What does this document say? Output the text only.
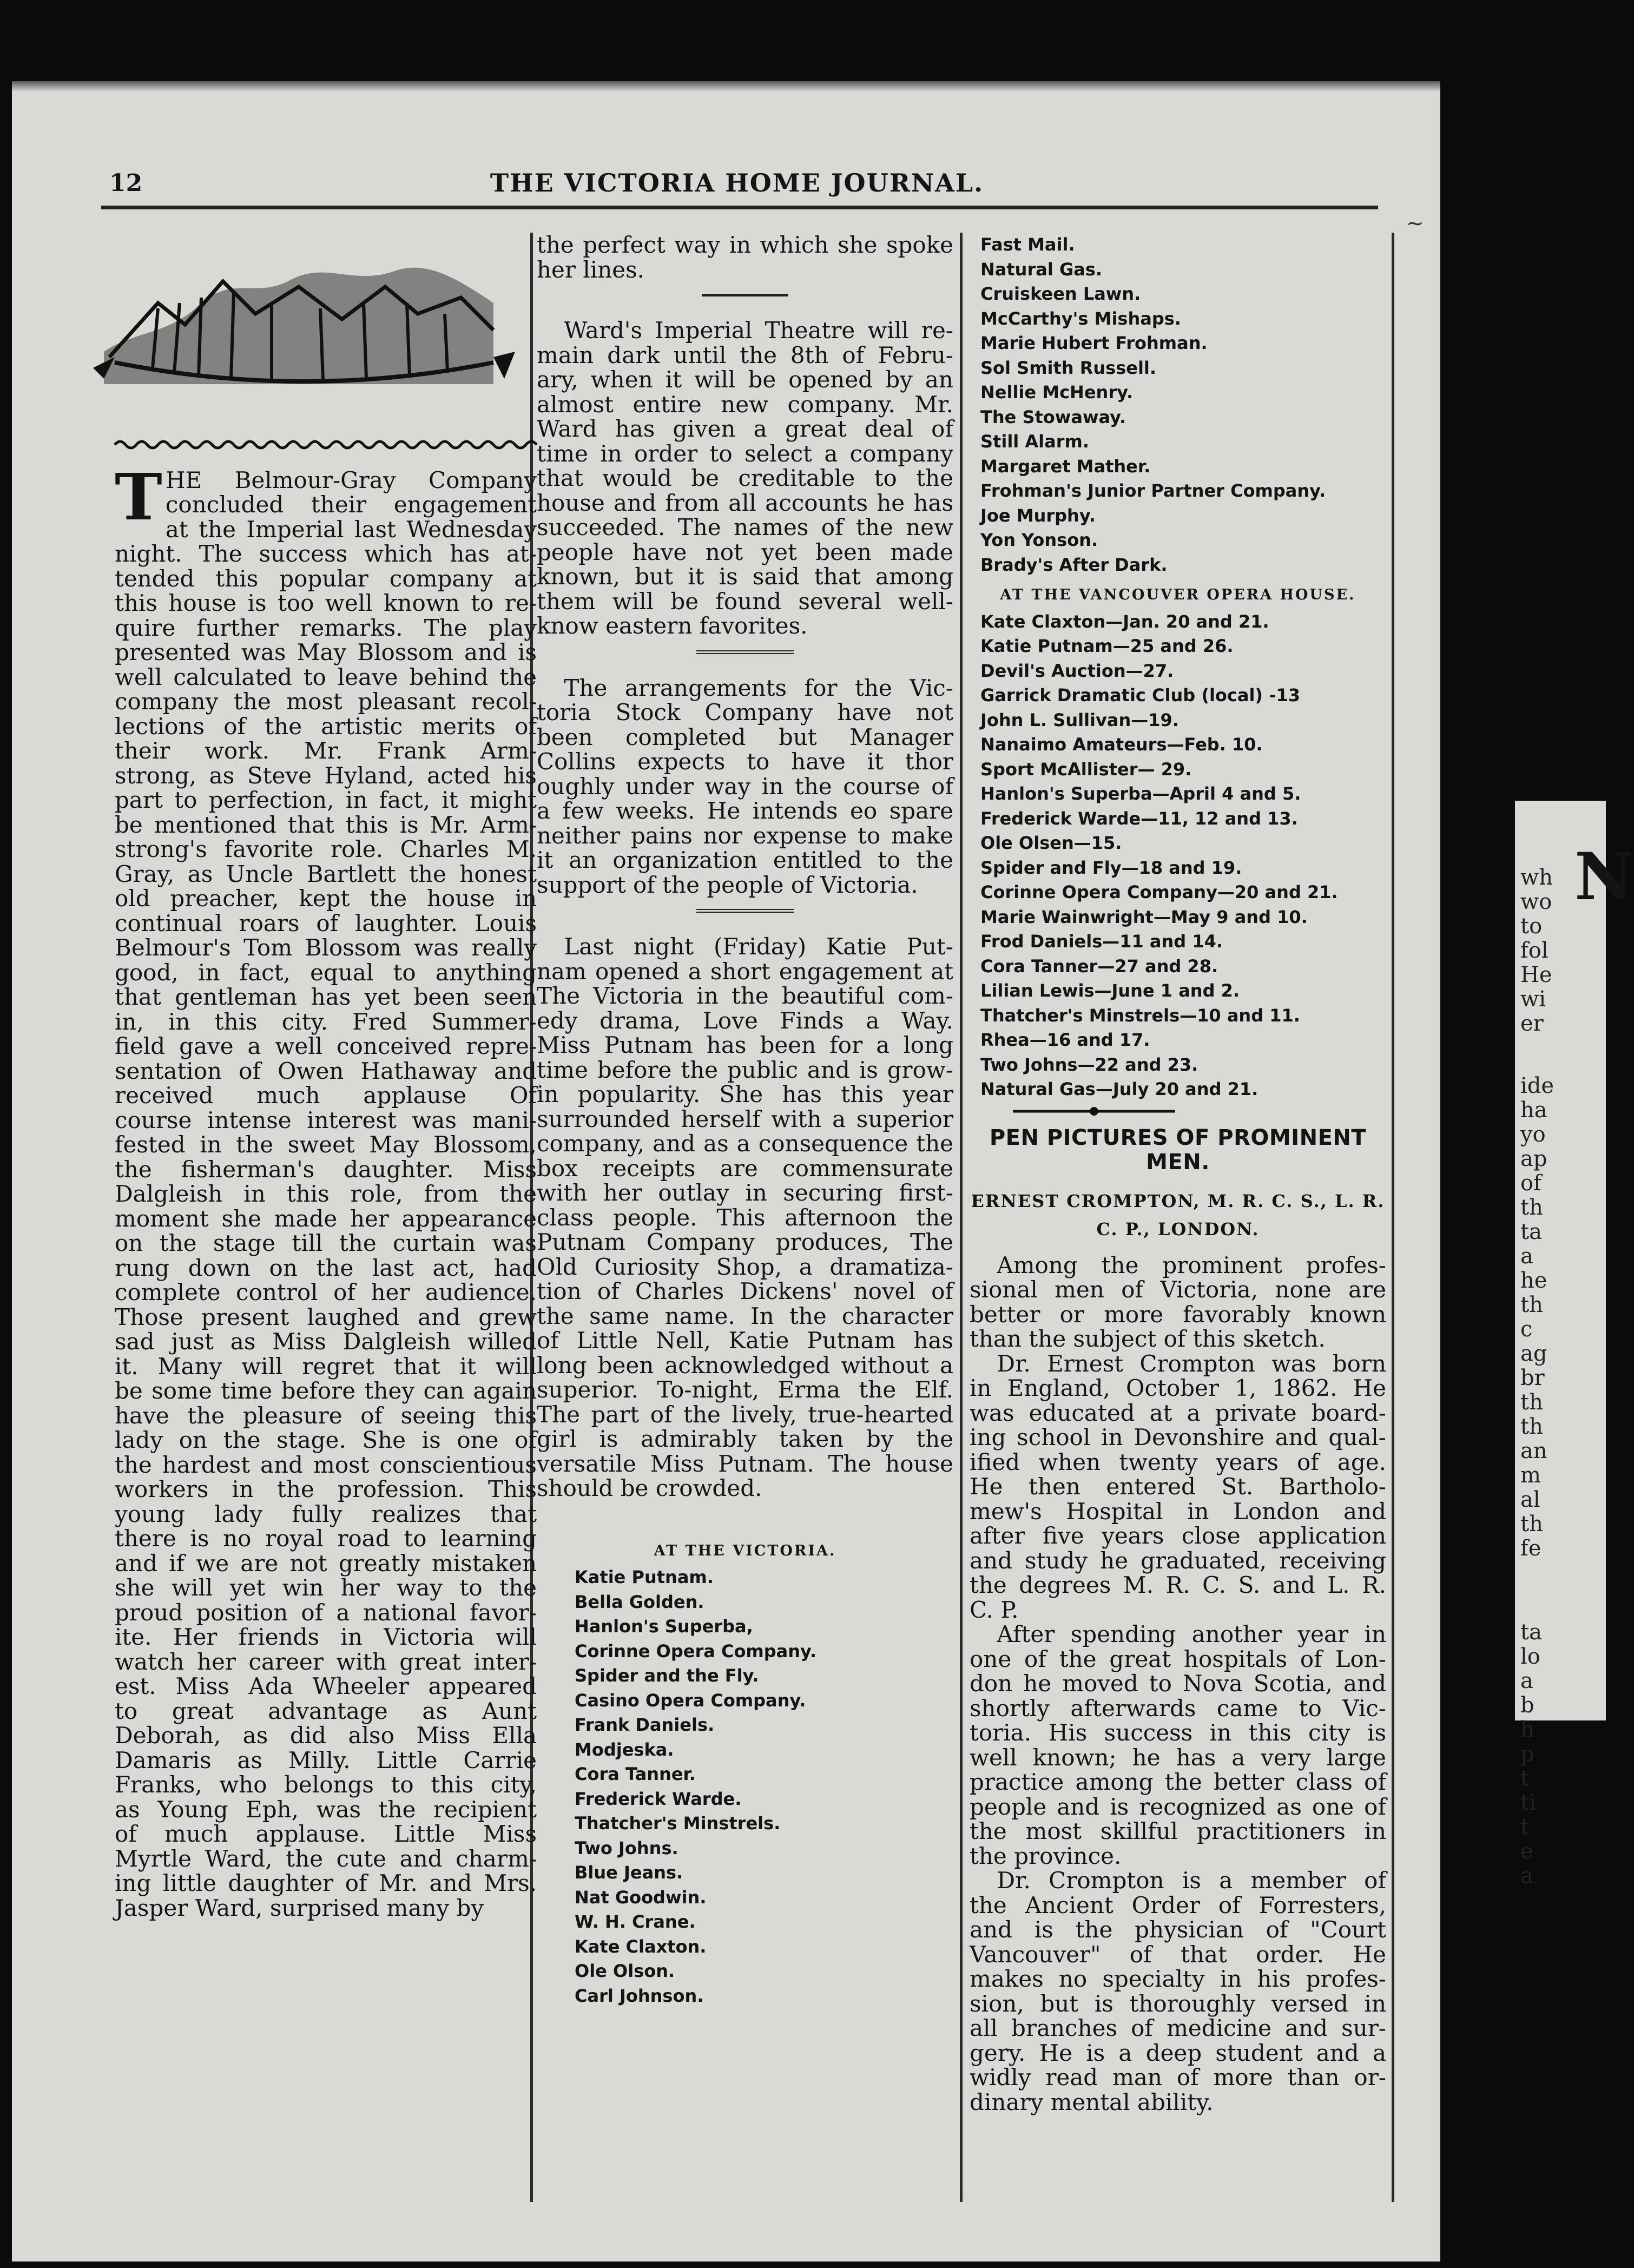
12	THE VICTORIA HOME JOURNAL.
T HE Belmour-Gray Company
concluded their engagement
at the Imperial last Wednesday
night. The success which has at-
tended this popular company at
this house is too well known to re-
quire further remarks. The play
presented was May Blossom and is
well calculated to leave behind the
company the most pleasant recol-
lections of the artistic merits of
their work. Mr. Frank Arm-
strong, as Steve Hyland, acted his
part to perfection, in fact, it might
be mentioned that this is Mr. Arm-
strong's favorite role. Charles M.
Gray, as Uncle Bartlett the honest
old preacher, kept the house in
continual roars of laughter. Louis
Belmour's Tom Blossom was really
good, in fact, equal to anything
that gentleman has yet been seen
in, in this city. Fred Summer-
field gave a well conceived repre-
sentation of Owen Hathaway and
received much applause Of
course intense interest was mani-
fested in the sweet May Blossom,
the fisherman's daughter. Miss
Dalgleish in this role, from the
moment she made her appearance
on the stage till the curtain was
rung down on the last act, had
complete control of her audience.
Those present laughed and grew
sad just as Miss Dalgleish willed
it. Many will regret that it will
be some time before they can again
have the pleasure of seeing this
lady on the stage. She is one of
the hardest and most conscientious
workers in the profession. This
young lady fully realizes that
there is no royal road to learning
and if we are not greatly mistaken
she will yet win her way to the
proud position of a national favor-
ite. Her friends in Victoria will
watch her career with great inter-
est. Miss Ada Wheeler appeared
to great advantage as Aunt
Deborah, as did also Miss Ella
Damaris as Milly. Little Carrie
Franks, who belongs to this city,
as Young Eph, was the recipient
of much applause. Little Miss
Myrtle Ward, the cute and charm-
ing little daughter of Mr. and Mrs.
Jasper Ward, surprised many by
the perfect way in which she spoke
her lines.
Ward's Imperial Theatre will re-
main dark until the 8th of Febru-
ary, when it will be opened by an
almost entire new company. Mr.
Ward has given a great deal of
time in order to select a company
that would be creditable to the
house and from all accounts he has
succeeded. The names of the new
people have not yet been made
known, but it is said that among
them will be found several well-
know eastern favorites.
The arrangements for the Vic-
toria Stock Company have not
been completed but Manager
Collins expects to have it thor
oughly under way in the course of
a few weeks. He intends eo spare
neither pains nor expense to make
it an organization entitled to the
support of the people of Victoria.
Last night (Friday) Katie Put-
nam opened a short engagement at
The Victoria in the beautiful com-
edy drama, Love Finds a Way.
Miss Putnam has been for a long
time before the public and is grow-
in popularity. She has this year
surrounded herself with a superior
company, and as a consequence the
box receipts are commensurate
with her outlay in securing first-
class people. This afternoon the
Putnam Company produces, The
Old Curiosity Shop, a dramatiza-
tion of Charles Dickens' novel of
the same name. In the character
of Little Nell, Katie Putnam has
long been acknowledged without a
superior. To-night, Erma the Elf.
The part of the lively, true-hearted
girl is admirably taken by the
versatile Miss Putnam. The house
should be crowded.
AT THE VICTORIA.
Katie Putnam.
Bella Golden.
Hanlon's Superba,
Corinne Opera Company.
Spider and the Fly.
Casino Opera Company.
Frank Daniels.
Modjeska.
Cora Tanner.
Frederick Warde.
Thatcher's Minstrels.
Two Johns.
Blue Jeans.
Nat Goodwin.
W. H. Crane.
Kate Claxton.
Ole Olson.
Carl Johnson.
Fast Mail.
Natural Gas.
Cruiskeen Lawn.
McCarthy's Mishaps.
Marie Hubert Frohman.
Sol Smith Russell.
Nellie McHenry.
The Stowaway.
Still Alarm.
Margaret Mather.
Frohman's Junior Partner Company.
Joe Murphy.
Yon Yonson.
Brady's After Dark.
AT THE VANCOUVER OPERA HOUSE.
Kate Claxton—Jan. 20 and 21.
Katie Putnam—25 and 26.
Devil's Auction—27.
Garrick Dramatic Club (local) -13
John L. Sullivan—19.
Nanaimo Amateurs—Feb. 10.
Sport McAllister— 29.
Hanlon's Superba—April 4 and 5.
Frederick Warde—11, 12 and 13.
Ole Olsen—15.
Spider and Fly—18 and 19.
Corinne Opera Company—20 and 21.
Marie Wainwright—May 9 and 10.
Frod Daniels—11 and 14.
Cora Tanner—27 and 28.
Lilian Lewis—June 1 and 2.
Thatcher's Minstrels—10 and 11.
Rhea—16 and 17.
Two Johns—22 and 23.
Natural Gas—July 20 and 21.
PEN PICTURES OF PROMINENT MEN.
ERNEST CROMPTON, M. R. C. S., L. R.
C. P., LONDON.
Among the prominent profes-
sional men of Victoria, none are
better or more favorably known
than the subject of this sketch.
Dr. Ernest Crompton was born
in England, October 1, 1862. He
was educated at a private board-
ing school in Devonshire and qual-
ified when twenty years of age.
He then entered St. Bartholo-
mew's Hospital in London and
after five years close application
and study he graduated, receiving
the degrees M. R. C. S. and L. R.
C. P.
After spending another year in
one of the great hospitals of Lon-
don he moved to Nova Scotia, and
shortly afterwards came to Vic-
toria. His success in this city is
well known; he has a very large
practice among the better class of
people and is recognized as one of
the most skillful practitioners in
the province.
Dr. Crompton is a member of
the Ancient Order of Forresters,
and is the physician of "Court
Vancouver" of that order. He
makes no specialty in his profes-
sion, but is thoroughly versed in
all branches of medicine and sur-
gery. He is a deep student and a
widly read man of more than or-
dinary mental ability.
~
N
wh
wo
to
fol
He
wi
er
ide
ha
yo
ap
of
th
ta
a
he
th
c
ag
br
th
th
an
m
al
th
fe
ta
lo
a
b
h
p
t
ti
t
e
a
